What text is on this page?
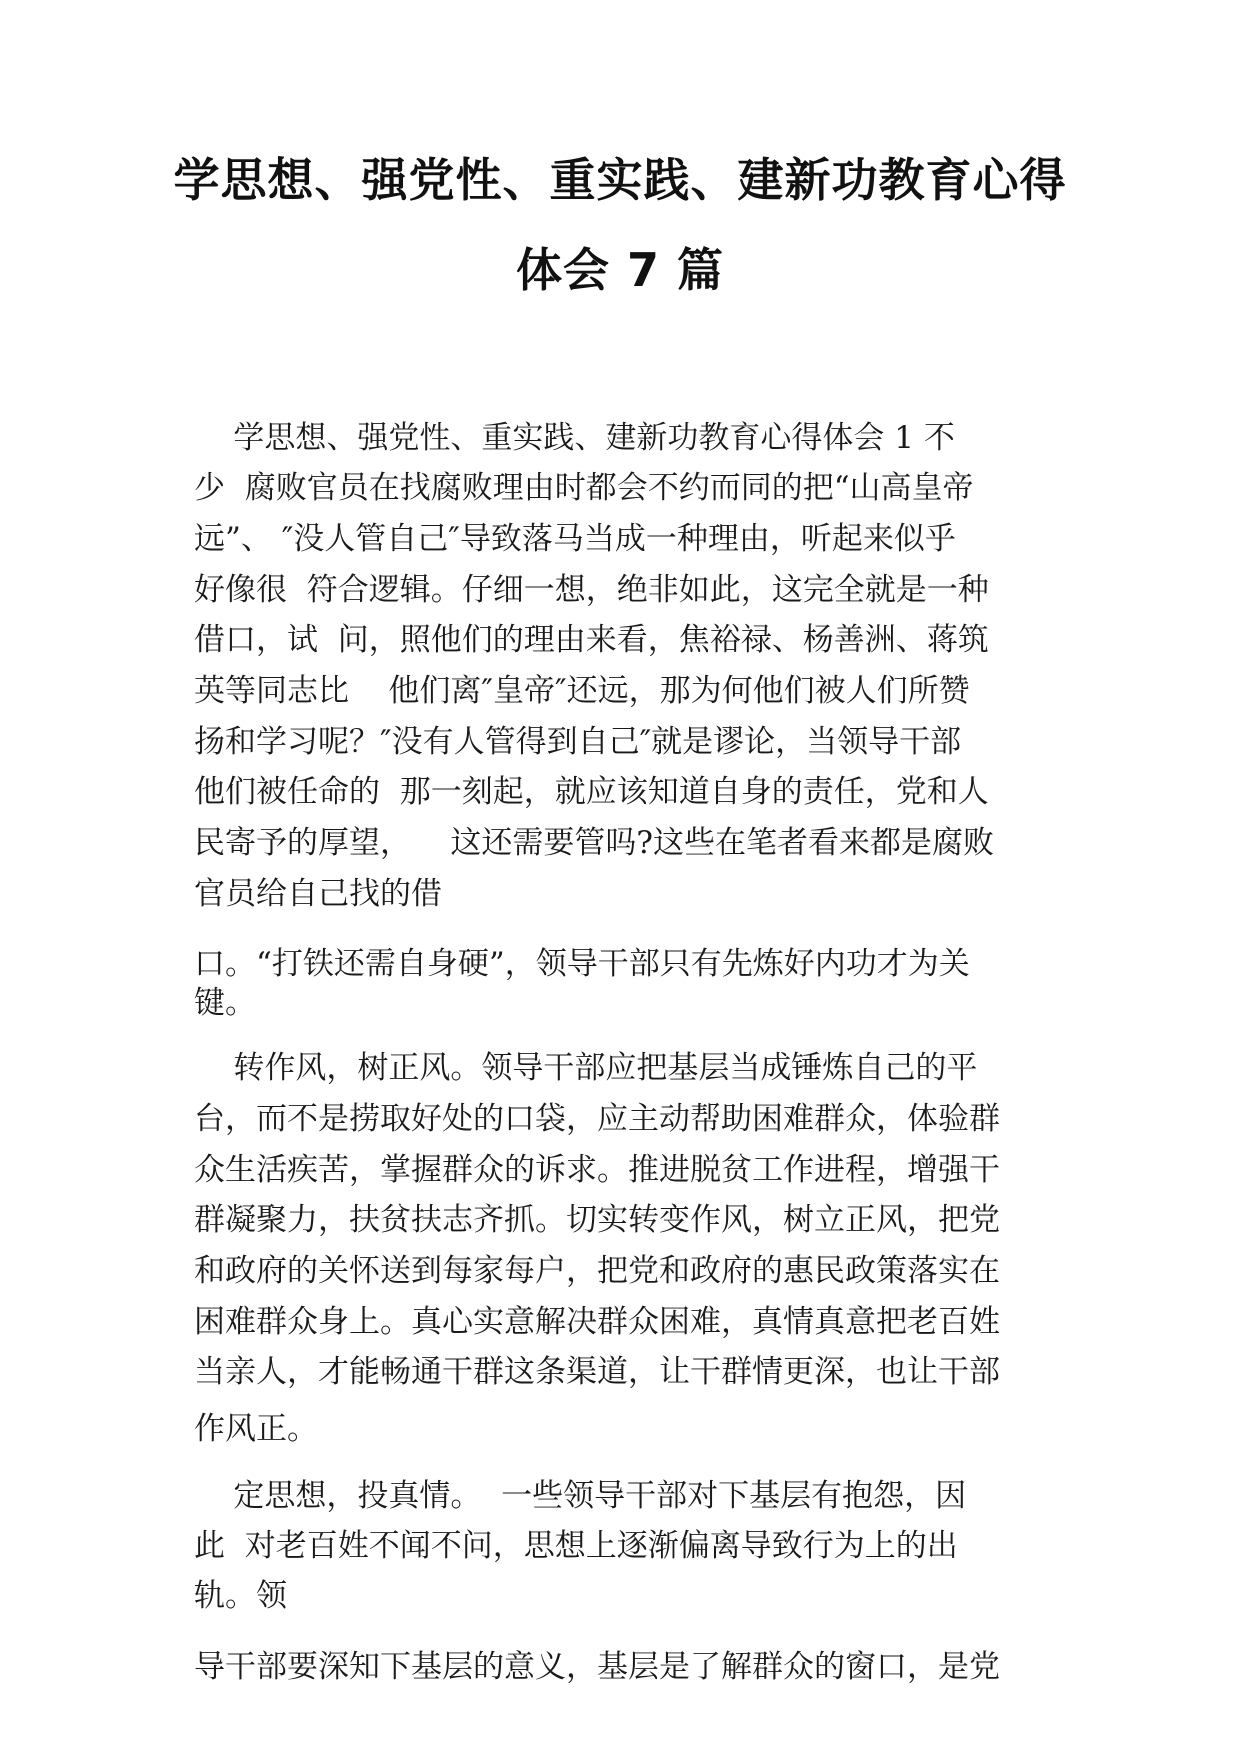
学思想、强党性、重实践、建新功教育心得
体会 7 篇
学思想、强党性、重实践、建新功教育心得体会 1 不
少  腐败官员在找腐败理由时都会不约而同的把“山高皇帝
远”、 ″没人管自己″导致落马当成一种理由，听起来似乎
好像很  符合逻辑。仔细一想，绝非如此，这完全就是一种
借口，试  问，照他们的理由来看，焦裕禄、杨善洲、蒋筑
英等同志比    他们离″皇帝″还远，那为何他们被人们所赞
扬和学习呢？″没有人管得到自己″就是谬论，当领导干部
他们被任命的  那一刻起，就应该知道自身的责任，党和人
民寄予的厚望，    这还需要管吗?这些在笔者看来都是腐败
官员给自己找的借
口。“打铁还需自身硬”，领导干部只有先炼好内功才为关
键。
转作风，树正风。领导干部应把基层当成锤炼自己的平
台，而不是捞取好处的口袋，应主动帮助困难群众，体验群
众生活疾苦，掌握群众的诉求。推进脱贫工作进程，增强干
群凝聚力，扶贫扶志齐抓。切实转变作风，树立正风，把党
和政府的关怀送到每家每户，把党和政府的惠民政策落实在
困难群众身上。真心实意解决群众困难，真情真意把老百姓
当亲人，才能畅通干群这条渠道，让干群情更深，也让干部
作风正。
定思想，投真情。  一些领导干部对下基层有抱怨，因
此  对老百姓不闻不问，思想上逐渐偏离导致行为上的出
轨。领
导干部要深知下基层的意义，基层是了解群众的窗口，是党
